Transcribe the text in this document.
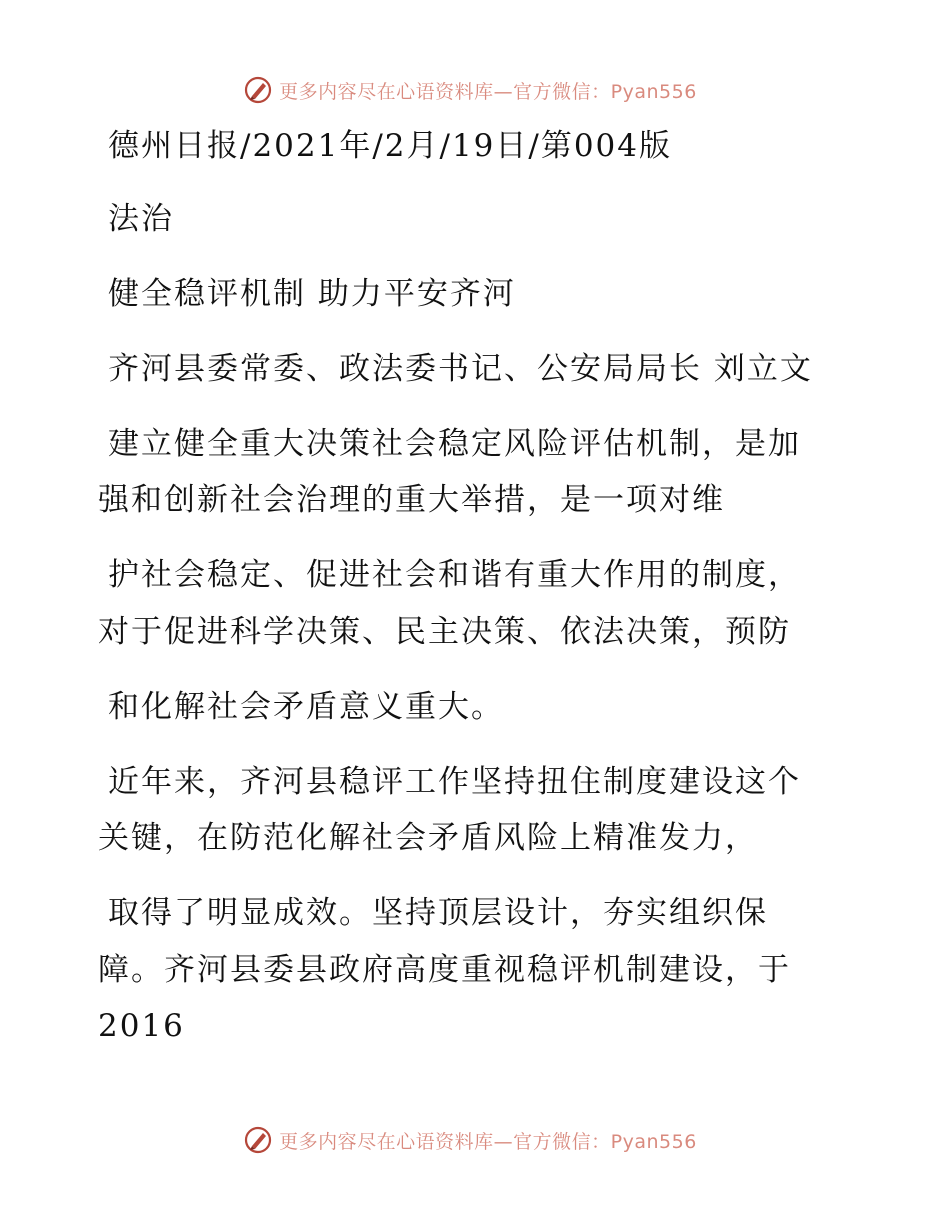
更多内容尽在心语资料库—官方微信：Pyan556
德州日报/2021年/2月/19日/第004版
法治
健全稳评机制 助力平安齐河
齐河县委常委、政法委书记、公安局局长 刘立文
建立健全重大决策社会稳定风险评估机制，是加
强和创新社会治理的重大举措，是一项对维
护社会稳定、促进社会和谐有重大作用的制度，
对于促进科学决策、民主决策、依法决策，预防
和化解社会矛盾意义重大。
近年来，齐河县稳评工作坚持扭住制度建设这个
关键，在防范化解社会矛盾风险上精准发力，
取得了明显成效。坚持顶层设计，夯实组织保
障。齐河县委县政府高度重视稳评机制建设，于
2016
更多内容尽在心语资料库—官方微信：Pyan556
